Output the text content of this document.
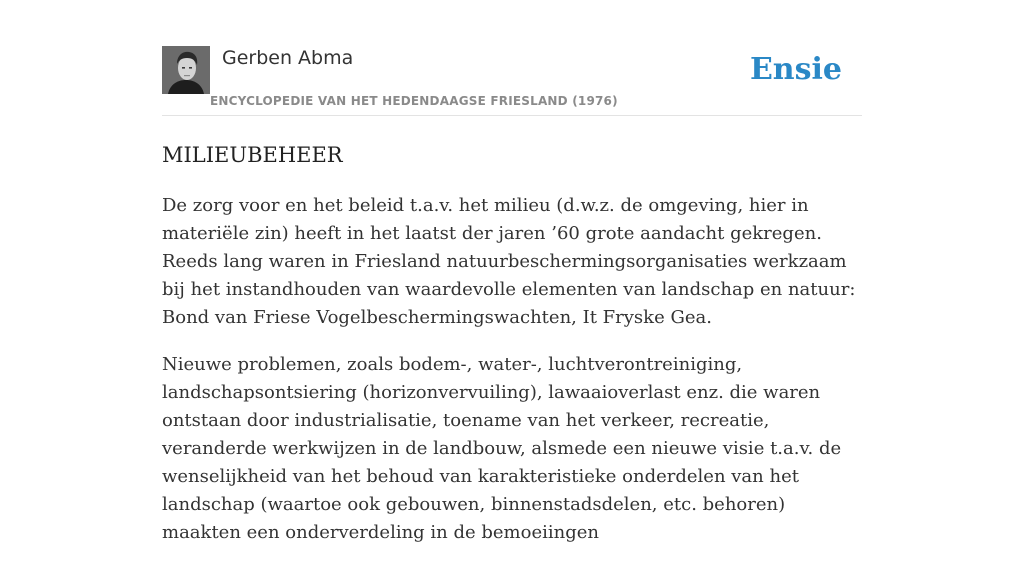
Gerben Abma
ENCYCLOPEDIE VAN HET HEDENDAAGSE FRIESLAND (1976)
Ensie
MILIEUBEHEER

De zorg voor en het beleid t.a.v. het milieu (d.w.z. de omgeving, hier in materiële zin) heeft in het laatst der jaren ’60 grote aandacht gekregen. Reeds lang waren in Friesland natuurbeschermingsorganisaties werkzaam bij het instandhouden van waardevolle elementen van landschap en natuur: Bond van Friese Vogelbeschermingswachten, It Fryske Gea.

Nieuwe problemen, zoals bodem-, water-, luchtverontreiniging, landschapsontsiering (horizonvervuiling), lawaaioverlast enz. die waren ontstaan door industrialisatie, toename van het verkeer, recreatie, veranderde werkwijzen in de landbouw, alsmede een nieuwe visie t.a.v. de wenselijkheid van het behoud van karakteristieke onderdelen van het landschap (waartoe ook gebouwen, binnenstadsdelen, etc. behoren) maakten een onderverdeling in de bemoeiingen
